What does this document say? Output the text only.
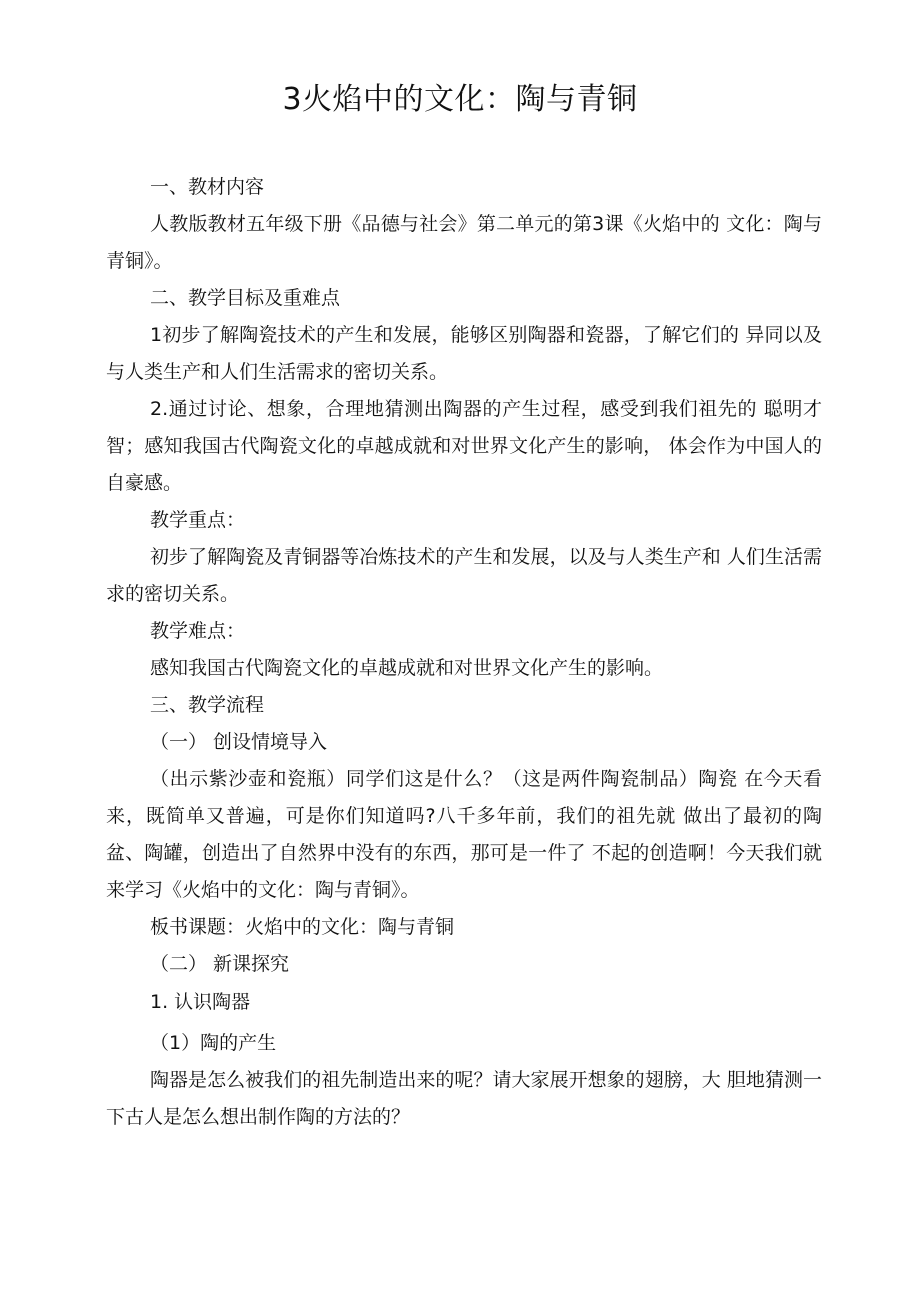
3火焰中的文化：陶与青铜
一、教材内容
人教版教材五年级下册《品德与社会》第二单元的第3课《火焰中的 文化：陶与青铜》。
二、教学目标及重难点
1初步了解陶瓷技术的产生和发展，能够区别陶器和瓷器，了解它们的 异同以及与人类生产和人们生活需求的密切关系。
2.通过讨论、想象，合理地猜测出陶器的产生过程，感受到我们祖先的 聪明才智；感知我国古代陶瓷文化的卓越成就和对世界文化产生的影响， 体会作为中国人的自豪感。
教学重点：
初步了解陶瓷及青铜器等冶炼技术的产生和发展，以及与人类生产和 人们生活需求的密切关系。
教学难点：
感知我国古代陶瓷文化的卓越成就和对世界文化产生的影响。
三、教学流程
（一） 创设情境导入
（出示紫沙壶和瓷瓶）同学们这是什么？（这是两件陶瓷制品）陶瓷 在今天看来，既简单又普遍，可是你们知道吗?八千多年前，我们的祖先就 做出了最初的陶盆、陶罐，创造出了自然界中没有的东西，那可是一件了 不起的创造啊！今天我们就来学习《火焰中的文化：陶与青铜》。
板书课题：火焰中的文化：陶与青铜
（二） 新课探究
1. 认识陶器
（1）陶的产生
陶器是怎么被我们的祖先制造出来的呢？请大家展开想象的翅膀，大 胆地猜测一下古人是怎么想出制作陶的方法的？
